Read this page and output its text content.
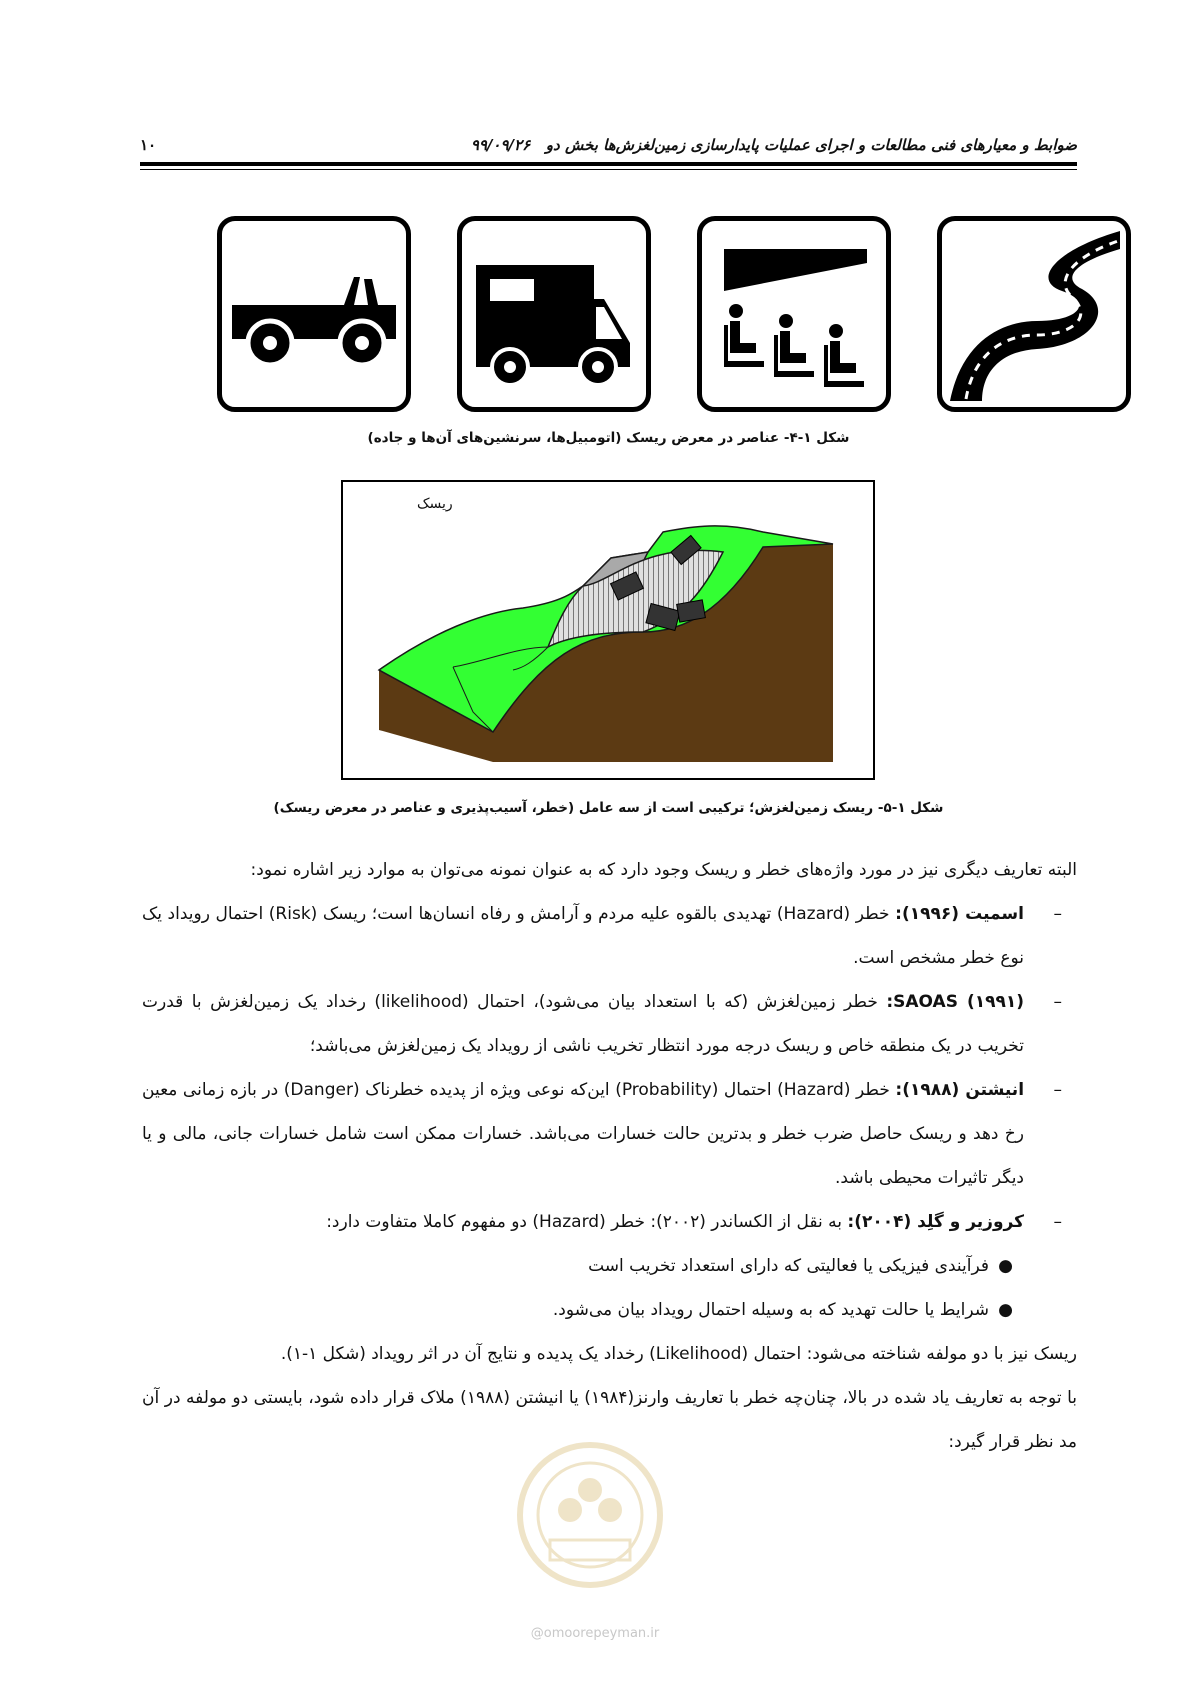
ضوابط و معیارهای فنی مطالعات و اجرای عملیات پایدارسازی زمین‌لغزش‌ها بخش دو   ۹۹/۰۹/۲۶
۱۰
شکل ۱-۴- عناصر در معرض ریسک (اتومبیل‌ها، سرنشین‌های آن‌ها و جاده)
ریسک
شکل ۱-۵- ریسک زمین‌لغزش؛ ترکیبی است از سه عامل (خطر، آسیب‌پذیری و عناصر در معرض ریسک)

البته تعاریف دیگری نیز در مورد واژه‌های خطر و ریسک وجود دارد که به عنوان نمونه می‌توان به موارد زیر اشاره نمود:

–
اسمیت (۱۹۹۶): خطر (Hazard) تهدیدی بالقوه علیه مردم و آرامش و رفاه انسان‌ها است؛ ریسک (Risk) احتمال رویداد یک نوع خطر مشخص است.

–
SAOAS (۱۹۹۱): خطر زمین‌لغزش (که با استعداد بیان می‌شود)، احتمال (likelihood) رخداد یک زمین‌لغزش با قدرت تخریب در یک منطقه خاص و ریسک درجه مورد انتظار تخریب ناشی از رویداد یک زمین‌لغزش می‌باشد؛

–
انیشتن (۱۹۸۸): خطر (Hazard) احتمال (Probability) این‌که نوعی ویژه از پدیده خطرناک (Danger) در بازه زمانی معین رخ دهد و ریسک حاصل ضرب خطر و بدترین حالت خسارات می‌باشد. خسارات ممکن است شامل خسارات جانی، مالی و یا دیگر تاثیرات محیطی باشد.

–
کروزیر و گلِد (۲۰۰۴): به نقل از الکساندر (۲۰۰۲): خطر (Hazard) دو مفهوم کاملا متفاوت دارد:

●
فرآیندی فیزیکی یا فعالیتی که دارای استعداد تخریب است

●
شرایط یا حالت تهدید که به وسیله احتمال رویداد بیان می‌شود.

ریسک نیز با دو مولفه شناخته می‌شود: احتمال (Likelihood) رخداد یک پدیده و نتایج آن در اثر رویداد (شکل ۱-۱).

با توجه به تعاریف یاد شده در بالا، چنان‌چه خطر با تعاریف وارنز(۱۹۸۴) یا انیشتن (۱۹۸۸) ملاک قرار داده شود، بایستی دو مولفه در آن مد نظر قرار گیرد:

@omoorepeyman.ir
